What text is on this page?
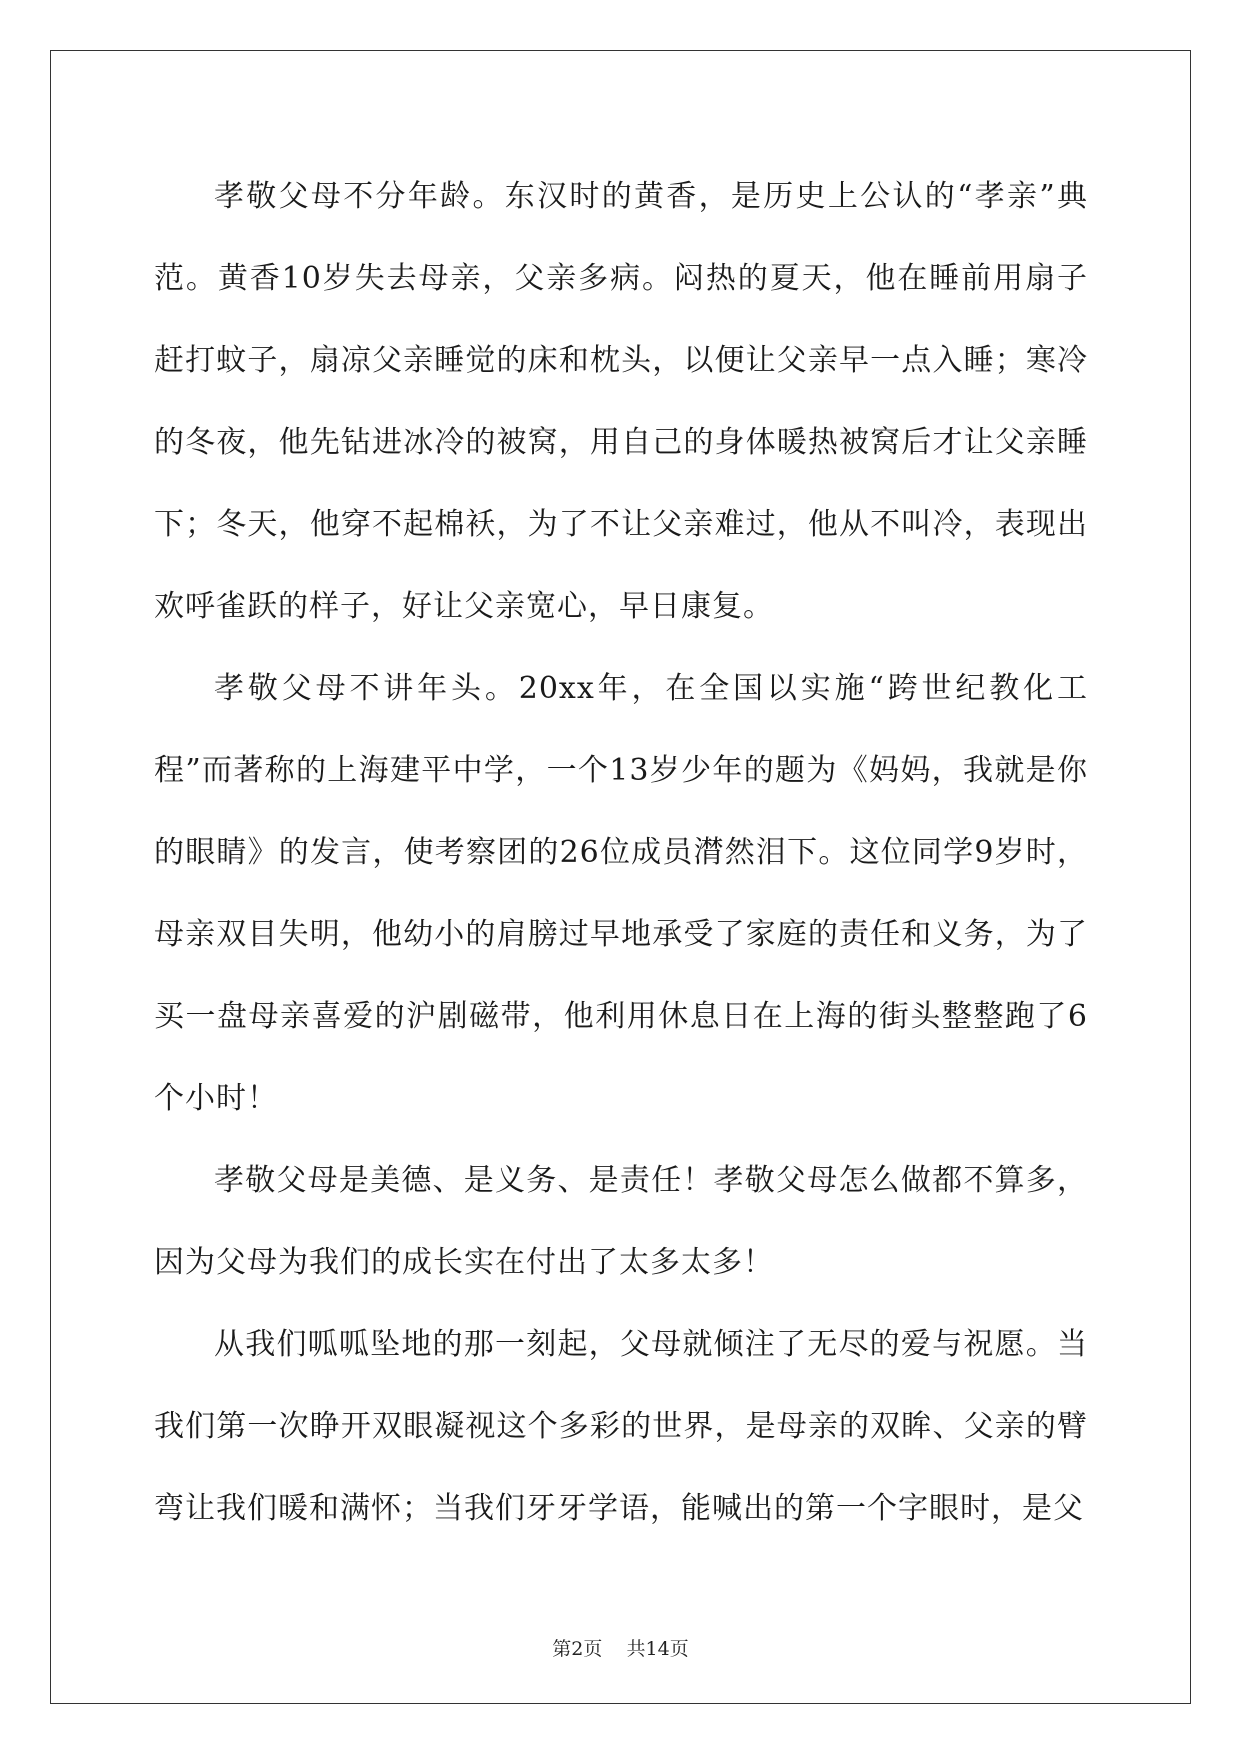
孝敬父母不分年龄。东汉时的黄香，是历史上公认的“孝亲”典范。黄香10岁失去母亲，父亲多病。闷热的夏天，他在睡前用扇子赶打蚊子，扇凉父亲睡觉的床和枕头，以便让父亲早一点入睡；寒冷的冬夜，他先钻进冰冷的被窝，用自己的身体暖热被窝后才让父亲睡下；冬天，他穿不起棉袄，为了不让父亲难过，他从不叫冷，表现出欢呼雀跃的样子，好让父亲宽心，早日康复。

孝敬父母不讲年头。20xx年，在全国以实施“跨世纪教化工程”而著称的上海建平中学，一个13岁少年的题为《妈妈，我就是你的眼睛》的发言，使考察团的26位成员潸然泪下。这位同学9岁时，母亲双目失明，他幼小的肩膀过早地承受了家庭的责任和义务，为了买一盘母亲喜爱的沪剧磁带，他利用休息日在上海的街头整整跑了6个小时！

孝敬父母是美德、是义务、是责任！孝敬父母怎么做都不算多，因为父母为我们的成长实在付出了太多太多！

从我们呱呱坠地的那一刻起，父母就倾注了无尽的爱与祝愿。当我们第一次睁开双眼凝视这个多彩的世界，是母亲的双眸、父亲的臂弯让我们暖和满怀；当我们牙牙学语，能喊出的第一个字眼时，是父

第2页 共14页
